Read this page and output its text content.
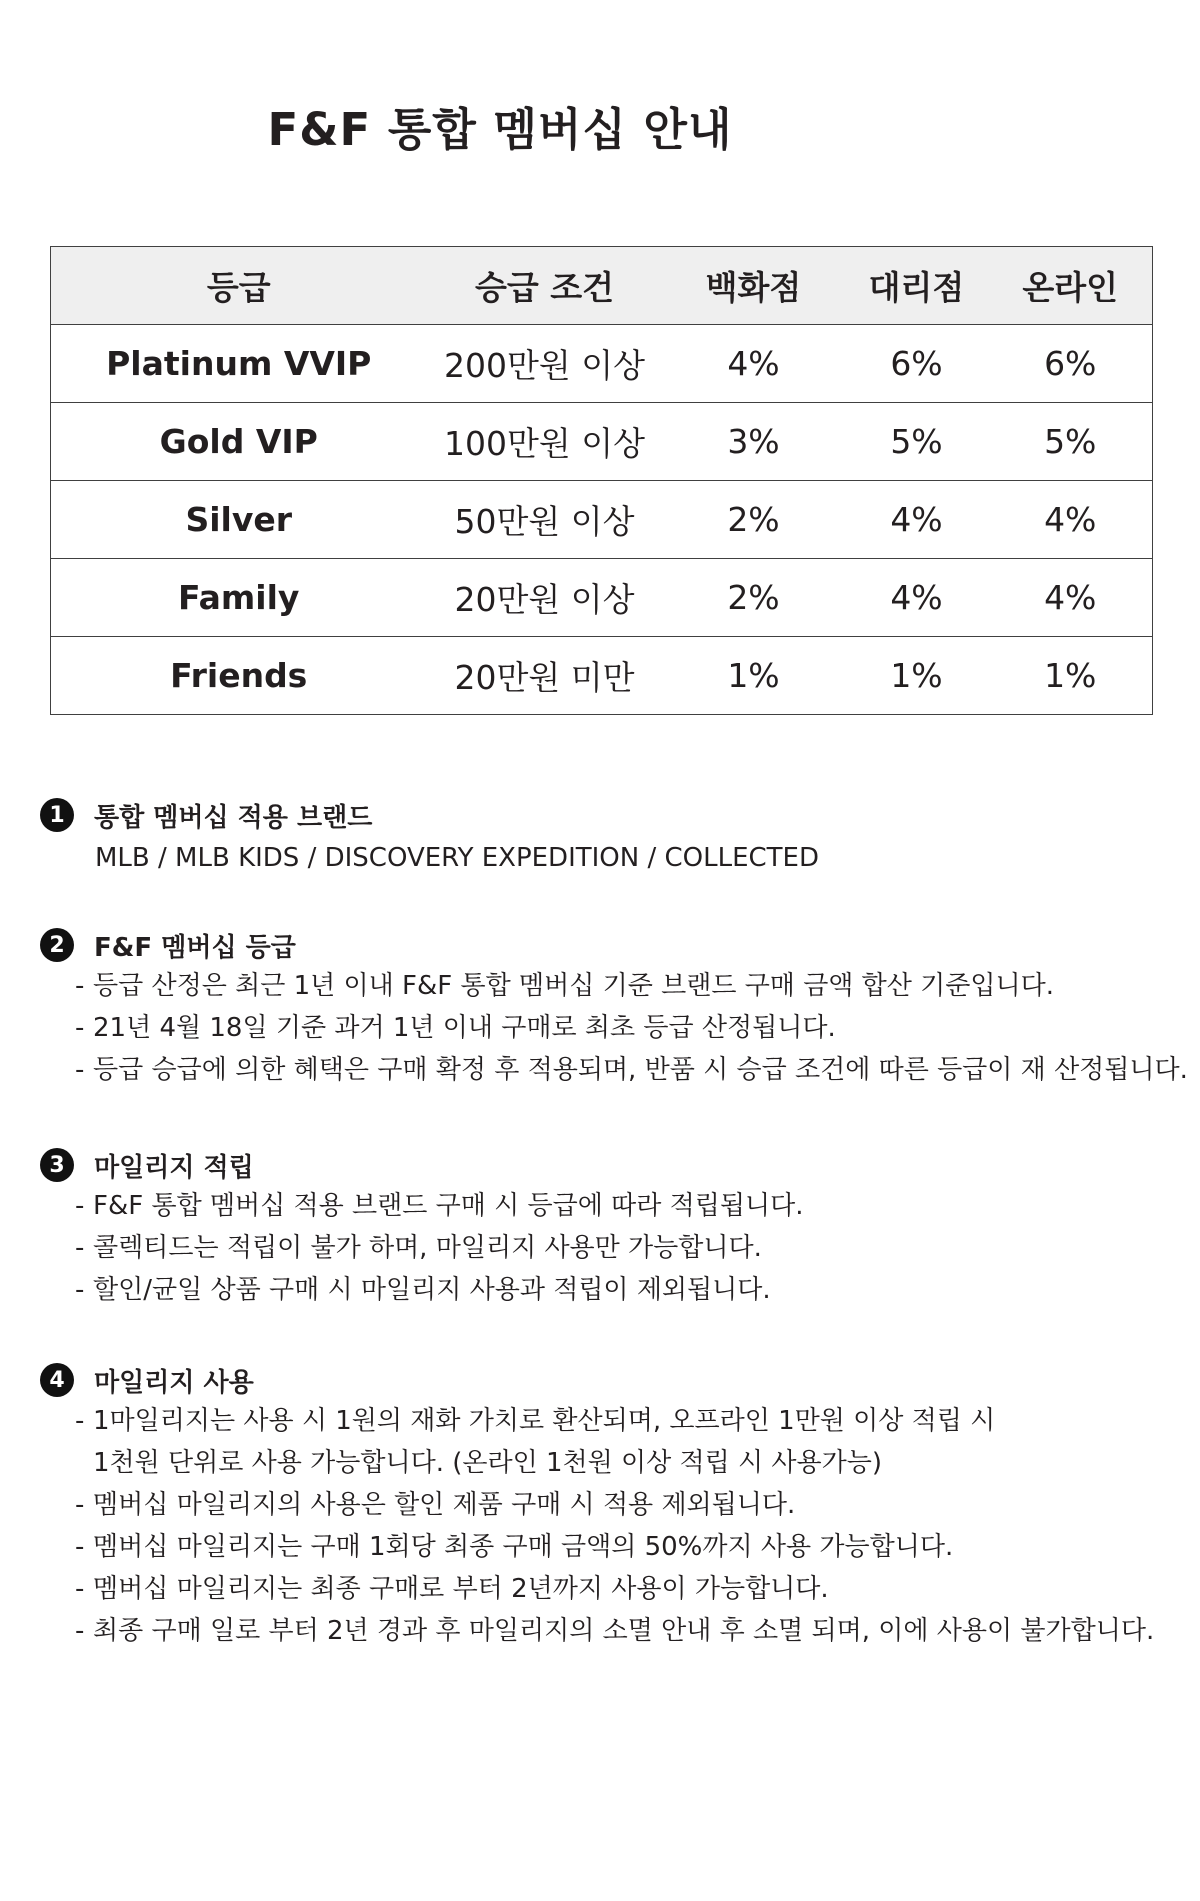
F&F 통합 멤버십 안내
등급	승급 조건	백화점	대리점	온라인
Platinum VVIP	200만원 이상	4%	6%	6%
Gold VIP	100만원 이상	3%	5%	5%
Silver	50만원 이상	2%	4%	4%
Family	20만원 이상	2%	4%	4%
Friends	20만원 미만	1%	1%	1%
1	통합 멤버십 적용 브랜드
MLB / MLB KIDS / DISCOVERY EXPEDITION / COLLECTED
2	F&F 멤버십 등급
- 등급 산정은 최근 1년 이내 F&F 통합 멤버십 기준 브랜드 구매 금액 합산 기준입니다.
- 21년 4월 18일 기준 과거 1년 이내 구매로 최초 등급 산정됩니다.
- 등급 승급에 의한 혜택은 구매 확정 후 적용되며, 반품 시 승급 조건에 따른 등급이 재 산정됩니다.
3	마일리지 적립
- F&F 통합 멤버십 적용 브랜드 구매 시 등급에 따라 적립됩니다.
- 콜렉티드는 적립이 불가 하며, 마일리지 사용만 가능합니다.
- 할인/균일 상품 구매 시 마일리지 사용과 적립이 제외됩니다.
4	마일리지 사용
- 1마일리지는 사용 시 1원의 재화 가치로 환산되며, 오프라인 1만원 이상 적립 시
1천원 단위로 사용 가능합니다. (온라인 1천원 이상 적립 시 사용가능)
- 멤버십 마일리지의 사용은 할인 제품 구매 시 적용 제외됩니다.
- 멤버십 마일리지는 구매 1회당 최종 구매 금액의 50%까지 사용 가능합니다.
- 멤버십 마일리지는 최종 구매로 부터 2년까지 사용이 가능합니다.
- 최종 구매 일로 부터 2년 경과 후 마일리지의 소멸 안내 후 소멸 되며, 이에 사용이 불가합니다.
